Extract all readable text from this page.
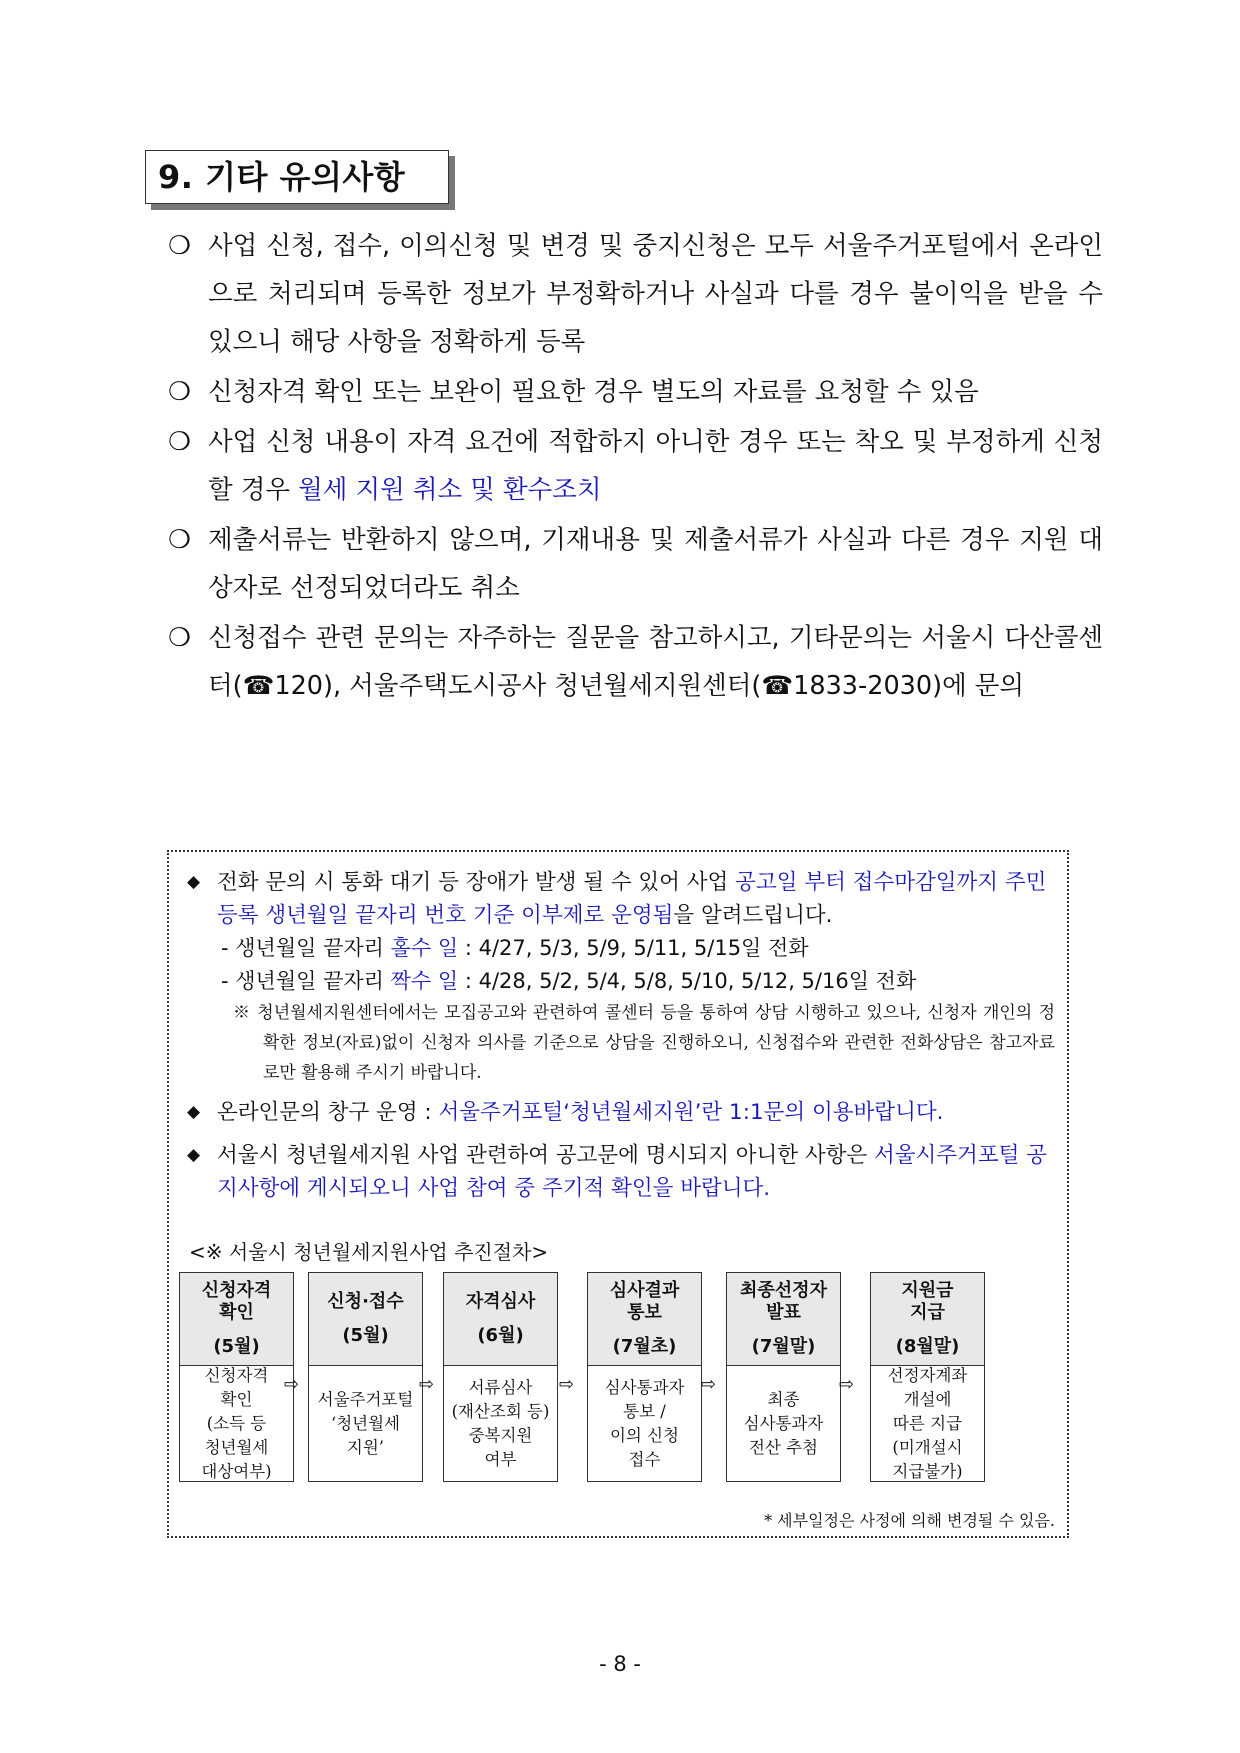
9. 기타 유의사항
❍ 사업 신청, 접수, 이의신청 및 변경 및 중지신청은 모두 서울주거포털에서 온라인으로 처리되며 등록한 정보가 부정확하거나 사실과 다를 경우 불이익을 받을 수 있으니 해당 사항을 정확하게 등록
❍ 신청자격 확인 또는 보완이 필요한 경우 별도의 자료를 요청할 수 있음
❍ 사업 신청 내용이 자격 요건에 적합하지 아니한 경우 또는 착오 및 부정하게 신청할 경우 월세 지원 취소 및 환수조치
❍ 제출서류는 반환하지 않으며, 기재내용 및 제출서류가 사실과 다른 경우 지원 대상자로 선정되었더라도 취소
❍ 신청접수 관련 문의는 자주하는 질문을 참고하시고, 기타문의는 서울시 다산콜센터(☎120), 서울주택도시공사 청년월세지원센터(☎1833-2030)에 문의
◆ 전화 문의 시 통화 대기 등 장애가 발생 될 수 있어 사업 공고일 부터 접수마감일까지 주민등록 생년월일 끝자리 번호 기준 이부제로 운영됨을 알려드립니다.
- 생년월일 끝자리 홀수 일 : 4/27, 5/3, 5/9, 5/11, 5/15일 전화
- 생년월일 끝자리 짝수 일 : 4/28, 5/2, 5/4, 5/8, 5/10, 5/12, 5/16일 전화
※ 청년월세지원센터에서는 모집공고와 관련하여 콜센터 등을 통하여 상담 시행하고 있으나, 신청자 개인의 정확한 정보(자료)없이 신청자 의사를 기준으로 상담을 진행하오니, 신청접수와 관련한 전화상담은 참고자료 로만 활용해 주시기 바랍니다.
◆ 온라인문의 창구 운영 : 서울주거포털‘청년월세지원’란 1:1문의 이용바랍니다.
◆ 서울시 청년월세지원 사업 관련하여 공고문에 명시되지 아니한 사항은 서울시주거포털 공지사항에 게시되오니 사업 참여 중 주기적 확인을 바랍니다.
<※ 서울시 청년월세지원사업 추진절차>
신청자격
확인
(5월)
신청자격
확인
(소득 등
청년월세
대상여부)
⇨
신청·접수
(5월)
서울주거포털
‘청년월세
지원’
⇨
자격심사
(6월)
서류심사
(재산조회 등)
중복지원
여부
⇨
심사결과
통보
(7월초)
심사통과자
통보 /
이의 신청
접수
⇨
최종선정자
발표
(7월말)
최종
심사통과자
전산 추첨
⇨
지원금
지급
(8월말)
선정자계좌
개설에
따른 지급
(미개설시
지급불가)
* 세부일정은 사정에 의해 변경될 수 있음.
- 8 -
